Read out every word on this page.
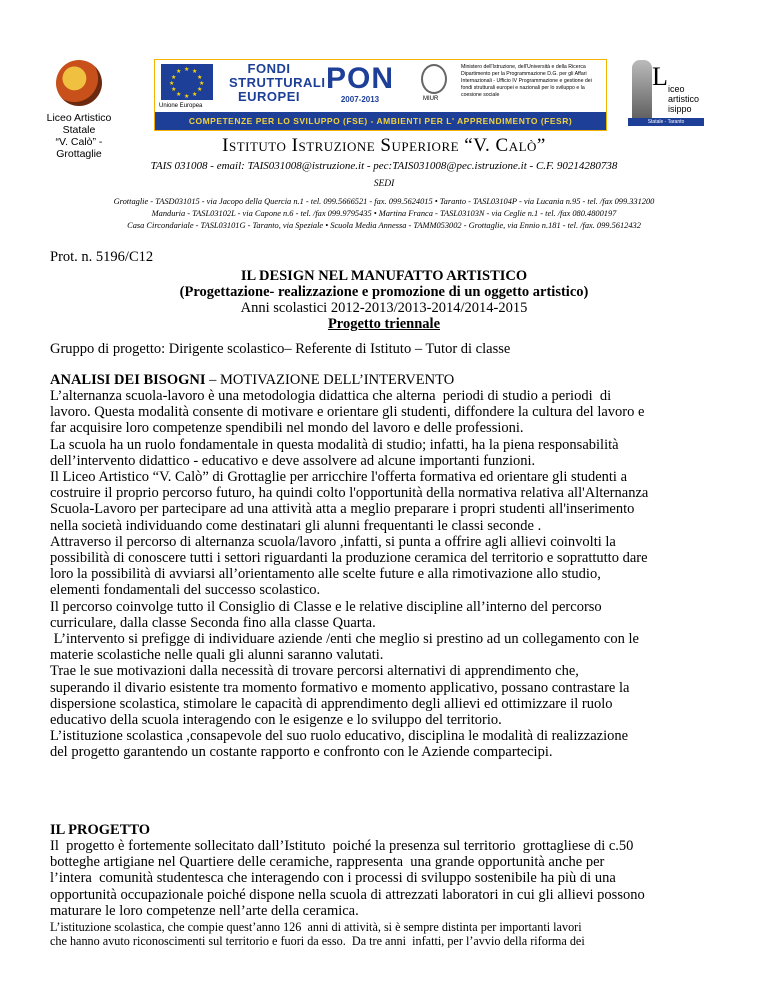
Liceo Artistico Statale
“V. Calò” - Grottaglie
★ ★
★
★
★
★
★
★
★
★
★
★
Unione Europea
FONDI
STRUTTURALI
EUROPEI
PON
2007-2013	MIUR
Ministero dell'Istruzione, dell'Università e della Ricerca Dipartimento per la Programmazione D.G. per gli Affari Internazionali - Ufficio IV Programmazione e gestione dei fondi strutturali europei e nazionali per lo sviluppo e la coesione sociale
COMPETENZE PER LO SVILUPPO (FSE) - AMBIENTI PER L' APPRENDIMENTO (FESR)
L iceo
artistico
isippo
Statale - Taranto
Istituto Istruzione Superiore “V. Calò”
TAIS 031008 - email: TAIS031008@istruzione.it - pec:TAIS031008@pec.istruzione.it - C.F. 90214280738
SEDI
Grottaglie - TASD031015 - via Jacopo della Quercia n.1 - tel. 099.5666521 - fax. 099.5624015 • Taranto - TASL03104P - via Lucania n.95 - tel. /fax 099.331200
Manduria - TASL03102L - via Capone n.6 - tel. /fax 099.9795435 • Martina Franca - TASL03103N - via Ceglie n.1 - tel. /fax 080.4800197
Casa Circondariale - TASL03101G - Taranto, via Speziale • Scuola Media Annessa - TAMM053002 - Grottaglie, via Ennio n.181 - tel. /fax. 099.5612432
Prot. n. 5196/C12
IL DESIGN NEL MANUFATTO ARTISTICO
(Progettazione- realizzazione e promozione di un oggetto artistico)
Anni scolastici 2012-2013/2013-2014/2014-2015
Progetto triennale
Gruppo di progetto: Dirigente scolastico– Referente di Istituto – Tutor di classe
ANALISI DEI BISOGNI – MOTIVAZIONE DELL’INTERVENTO
L’alternanza scuola-lavoro è una metodologia didattica che alterna  periodi di studio a periodi  di
lavoro. Questa modalità consente di motivare e orientare gli studenti, diffondere la cultura del lavoro e
far acquisire loro competenze spendibili nel mondo del lavoro e delle professioni.
La scuola ha un ruolo fondamentale in questa modalità di studio; infatti, ha la piena responsabilità
dell’intervento didattico - educativo e deve assolvere ad alcune importanti funzioni.
Il Liceo Artistico “V. Calò” di Grottaglie per arricchire l'offerta formativa ed orientare gli studenti a
costruire il proprio percorso futuro, ha quindi colto l'opportunità della normativa relativa all'Alternanza
Scuola-Lavoro per partecipare ad una attività atta a meglio preparare i propri studenti all'inserimento
nella società individuando come destinatari gli alunni frequentanti le classi seconde .
Attraverso il percorso di alternanza scuola/lavoro ,infatti, si punta a offrire agli allievi coinvolti la
possibilità di conoscere tutti i settori riguardanti la produzione ceramica del territorio e soprattutto dare
loro la possibilità di avviarsi all’orientamento alle scelte future e alla rimotivazione allo studio,
elementi fondamentali del successo scolastico.
Il percorso coinvolge tutto il Consiglio di Classe e le relative discipline all’interno del percorso
curriculare, dalla classe Seconda fino alla classe Quarta.
L’intervento si prefigge di individuare aziende /enti che meglio si prestino ad un collegamento con le
materie scolastiche nelle quali gli alunni saranno valutati.
Trae le sue motivazioni dalla necessità di trovare percorsi alternativi di apprendimento che,
superando il divario esistente tra momento formativo e momento applicativo, possano contrastare la
dispersione scolastica, stimolare le capacità di apprendimento degli allievi ed ottimizzare il ruolo
educativo della scuola interagendo con le esigenze e lo sviluppo del territorio.
L’istituzione scolastica ,consapevole del suo ruolo educativo, disciplina le modalità di realizzazione
del progetto garantendo un costante rapporto e confronto con le Aziende compartecipi.
IL PROGETTO
Il  progetto è fortemente sollecitato dall’Istituto  poiché la presenza sul territorio  grottagliese di c.50
botteghe artigiane nel Quartiere delle ceramiche, rappresenta  una grande opportunità anche per
l’intera  comunità studentesca che interagendo con i processi di sviluppo sostenibile ha più di una
opportunità occupazionale poiché dispone nella scuola di attrezzati laboratori in cui gli allievi possono
maturare le loro competenze nell’arte della ceramica.
L’istituzione scolastica, che compie quest’anno 126  anni di attività, si è sempre distinta per importanti lavori
che hanno avuto riconoscimenti sul territorio e fuori da esso.  Da tre anni  infatti, per l’avvio della riforma dei
